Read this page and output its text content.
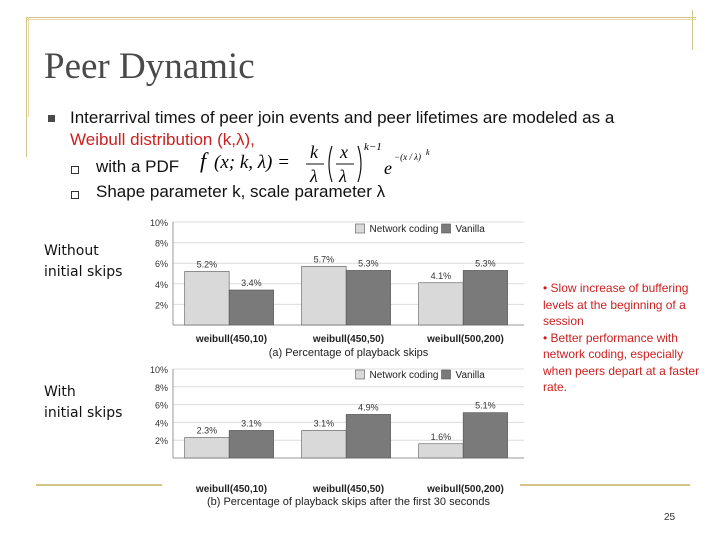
Peer Dynamic
Interarrival times of peer join events and peer lifetimes are modeled as a
Weibull distribution (k,λ),
with a PDF
Shape parameter k, scale parameter λ
f (x; k, λ) = k
λ
x
λ
k−1
e
−(x / λ) k
Without
initial skips
With
initial skips
2%
4%
6%
8%
10%
5.2%
3.4%
weibull(450,10)
5.7%	5.3%
weibull(450,50)
4.1%
5.3%
weibull(500,200)
Network coding Vanilla
(a) Percentage of playback skips
2%
4%
6%
8%
10%
2.3%
3.1%
weibull(450,10)
3.1%
4.9%
weibull(450,50)
1.6%
5.1%
weibull(500,200)
Network coding Vanilla
(b) Percentage of playback skips after the first 30 seconds
• Slow increase of buffering levels at the beginning of a session
• Better performance with network coding, especially when peers depart at a faster rate.
25
